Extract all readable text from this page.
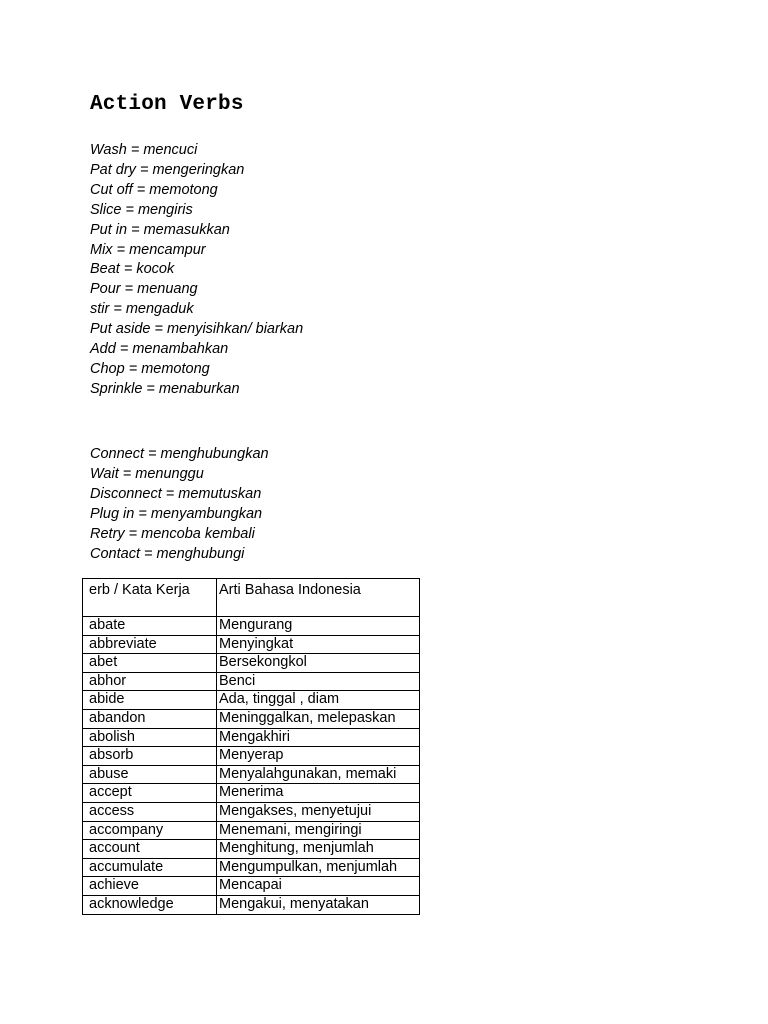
Action Verbs
Wash = mencuci
Pat dry = mengeringkan
Cut off = memotong
Slice = mengiris
Put in = memasukkan
Mix = mencampur
Beat = kocok
Pour = menuang
stir = mengaduk
Put aside = menyisihkan/ biarkan
Add = menambahkan
Chop = memotong
Sprinkle = menaburkan
Connect = menghubungkan
Wait = menunggu
Disconnect = memutuskan
Plug in = menyambungkan
Retry = mencoba kembali
Contact = menghubungi
erb / Kata Kerja	Arti Bahasa Indonesia
abate	Mengurang
abbreviate	Menyingkat
abet	Bersekongkol
abhor	Benci
abide	Ada, tinggal , diam
abandon	Meninggalkan, melepaskan
abolish	Mengakhiri
absorb	Menyerap
abuse	Menyalahgunakan, memaki
accept	Menerima
access	Mengakses, menyetujui
accompany	Menemani, mengiringi
account	Menghitung, menjumlah
accumulate	Mengumpulkan, menjumlah
achieve	Mencapai
acknowledge	Mengakui, menyatakan
